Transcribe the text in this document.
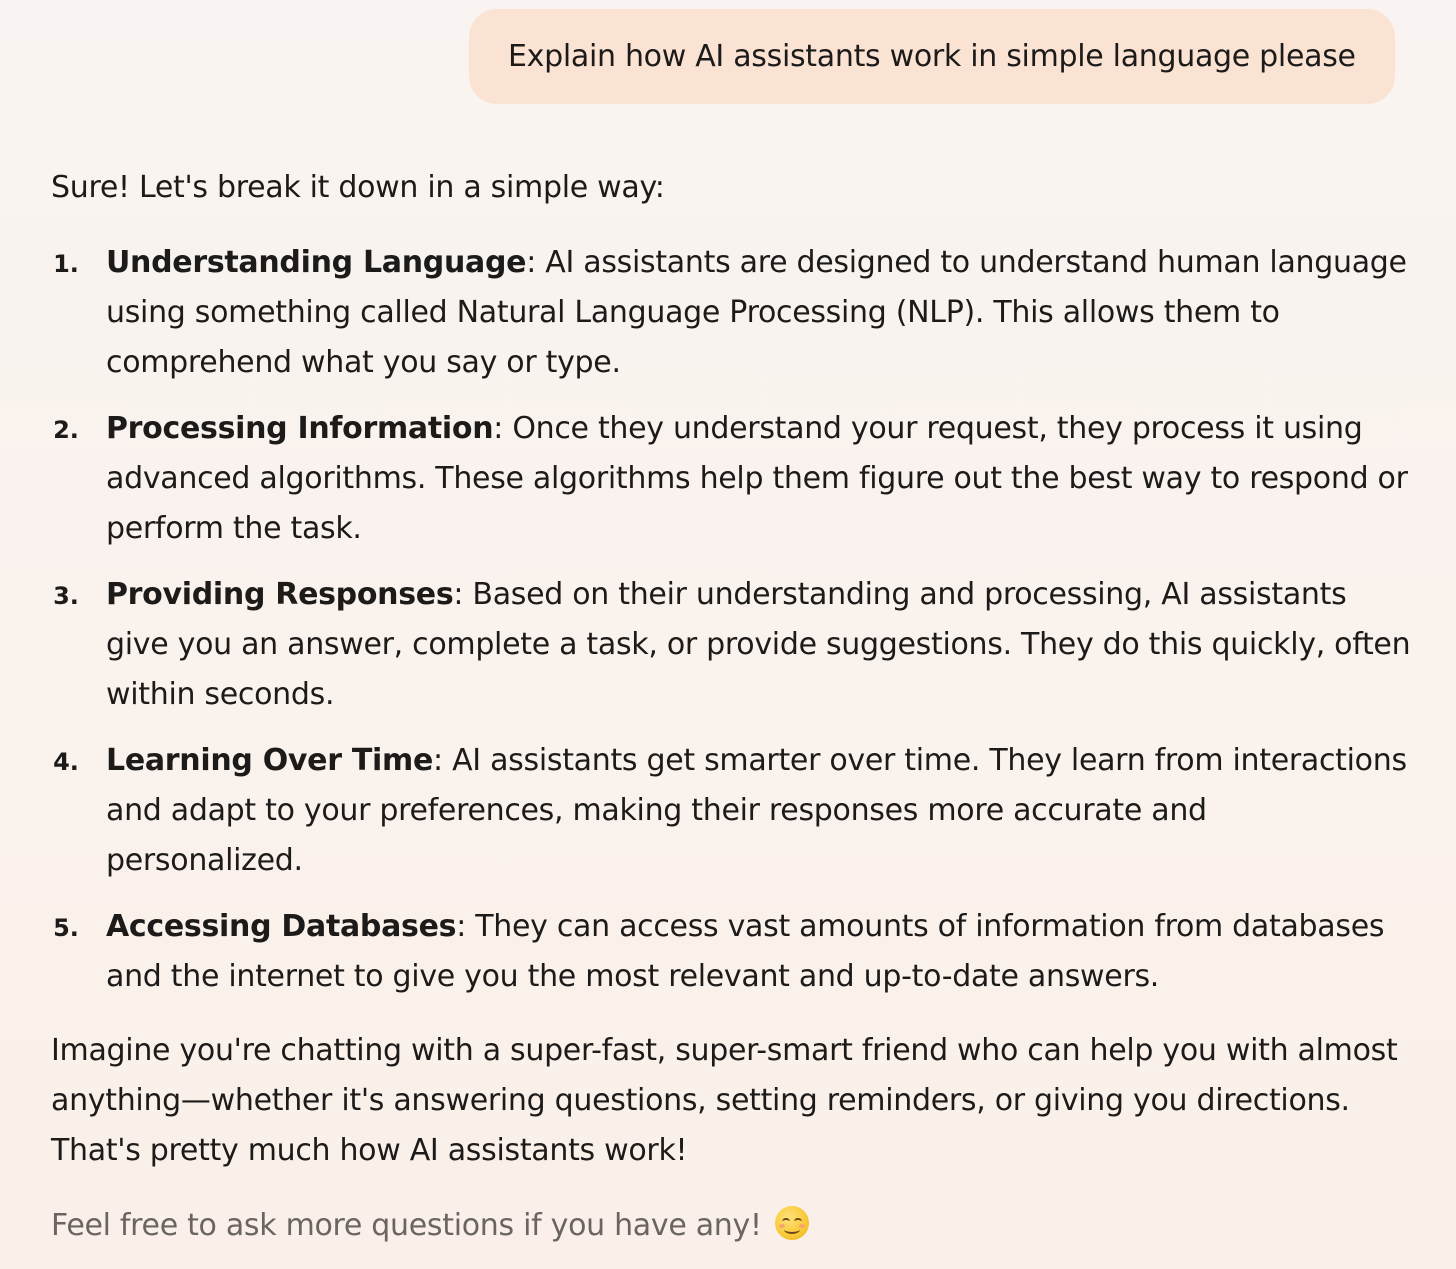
Explain how AI assistants work in simple language please

Sure! Let's break it down in a simple way:

1. Understanding Language: AI assistants are designed to understand human language using something called Natural Language Processing (NLP). This allows them to comprehend what you say or type.
2. Processing Information: Once they understand your request, they process it using advanced algorithms. These algorithms help them figure out the best way to respond or perform the task.
3. Providing Responses: Based on their understanding and processing, AI assistants give you an answer, complete a task, or provide suggestions. They do this quickly, often within seconds.
4. Learning Over Time: AI assistants get smarter over time. They learn from interactions and adapt to your preferences, making their responses more accurate and personalized.
5. Accessing Databases: They can access vast amounts of information from databases and the internet to give you the most relevant and up-to-date answers.

Imagine you're chatting with a super-fast, super-smart friend who can help you with almost anything—whether it's answering questions, setting reminders, or giving you directions. That's pretty much how AI assistants work!

Feel free to ask more questions if you have any!
